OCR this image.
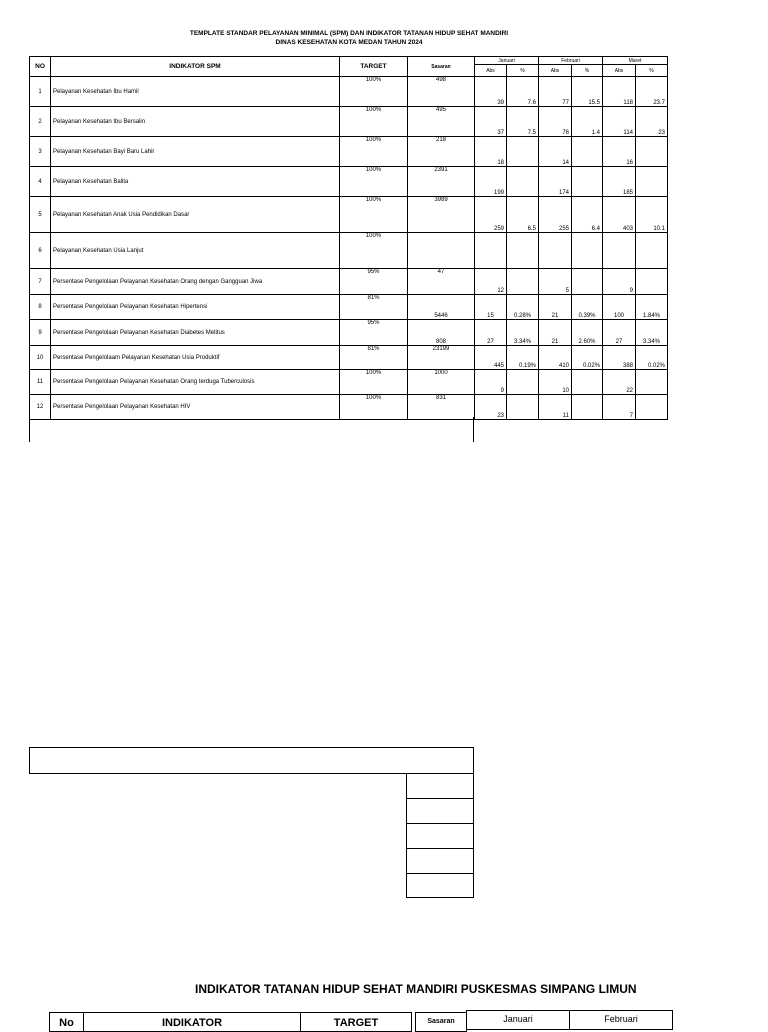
TEMPLATE STANDAR PELAYANAN MINIMAL (SPM) DAN INDIKATOR TATANAN HIDUP SEHAT MANDIRI
DINAS KESEHATAN KOTA MEDAN TAHUN 2024
NO	INDIKATOR SPM	TARGET	Sasaran	Januari		Februari		Maret	
				Abs	%	Abs	%	Abs	%
1	Pelayanan Kesehatan Ibu Hamil	100%	498	39	7.6	77	15.5	118	23.7
2	Pelayanan Kesehatan Ibu Bersalin	100%	495	37	7.5	76	1.4	114	23
3	Pelayanan Kesehatan Bayi Baru Lahir	100%	218	18		14		16	
4	Pelayanan Kesehatan Balita	100%	2391	199		174		185	
5	Pelayanan Kesehatan Anak Usia Pendidikan Dasar	100%	3989	259	6.5	255	6.4	403	10.1
6	Pelayanan Kesehatan Usia Lanjut	100%							
7	Persentase Pengelolaan Pelayanan Kesehatan Orang dengan Gangguan Jiwa	95%	47	12		5		9	
8	Persentase Pengelolaan Pelayanan Kesehatan Hipertensi	81%	5446	15	0.28%	21	0.39%	100	1.84%
9	Persentase Pengelolaan Pelayanan Kesehatan Diabetes Melitus	95%	808	27	3.34%	21	2.60%	27	3.34%
10	Persentase Pengelolaam Pelayanan Kesehatan Usia Produktif	81%	23199	445	0.19%	410	0.02%	388	0.02%
11	Persentase Pengelolaan Pelayanan Kesehatan Orang terduga Tuberculosis	100%	1000	9		10		22	
12	Persentase Pengelolaan Pelayanan Kesehatan HIV	100%	831	23		11		7	
INDIKATOR TATANAN HIDUP SEHAT MANDIRI PUSKESMAS SIMPANG LIMUN
No	INDIKATOR	TARGET	Sasaran	Januari	Februari
